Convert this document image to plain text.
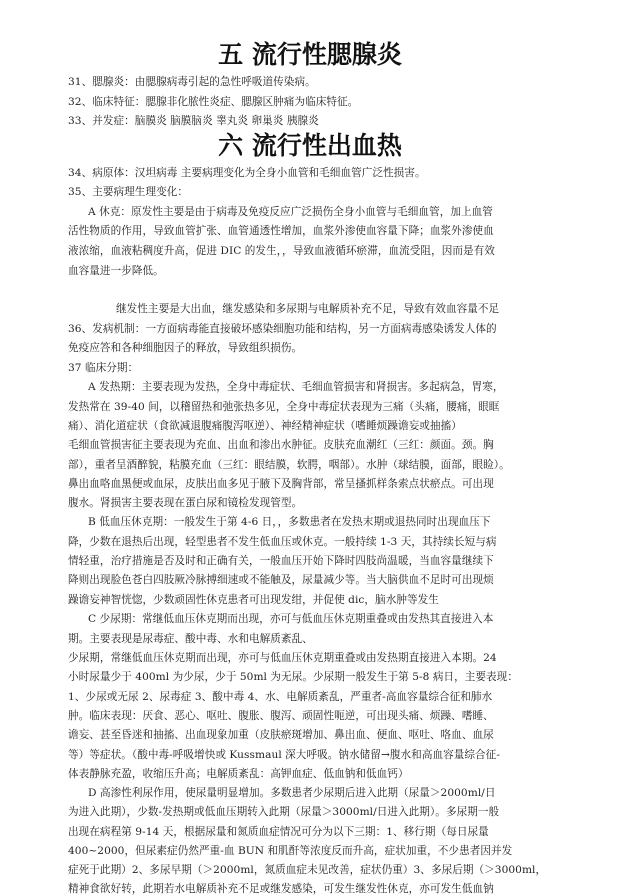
五 流行性腮腺炎
31、腮腺炎：由腮腺病毒引起的急性呼吸道传染病。
32、临床特征：腮腺非化脓性炎症、腮腺区肿痛为临床特征。
33、并发症：脑膜炎 脑膜脑炎 睾丸炎 卵巢炎 胰腺炎
六 流行性出血热
34、病原体：汉坦病毒 主要病理变化为全身小血管和毛细血管广泛性损害。
35、主要病理生理变化：
A 休克：原发性主要是由于病毒及免疫反应广泛损伤全身小血管与毛细血管，加上血管
活性物质的作用，导致血管扩张、血管通透性增加，血浆外渗使血容量下降；血浆外渗使血
液浓缩，血液粘稠度升高，促进 DIC 的发生，，导致血液循环瘀滞，血流受阻，因而是有效
血容量进一步降低。
继发性主要是大出血，继发感染和多尿期与电解质补充不足，导致有效血容量不足
36、发病机制：一方面病毒能直接破坏感染细胞功能和结构，另一方面病毒感染诱发人体的
免疫应答和各种细胞因子的释放，导致组织损伤。
37 临床分期：
A 发热期：主要表现为发热，全身中毒症状、毛细血管损害和肾损害。多起病急，胃寒，
发热常在 39-40 间，以稽留热和弛张热多见，全身中毒症状表现为三痛（头痛，腰痛，眼眶
痛）、消化道症状（食欲减退腹痛腹泻呕逆）、神经精神症状（嗜睡烦躁谵妄或抽搐）
毛细血管损害征主要表现为充血、出血和渗出水肿征。皮肤充血潮红（三红：颜面。颈。胸
部），重者呈酒醉貌，粘膜充血（三红：眼结膜，软腭，咽部）。水肿（球结膜，面部，眼睑）。
鼻出血咯血黑便或血尿，皮肤出血多见于腋下及胸背部，常呈搔抓样条索点状瘀点。可出现
腹水。肾损害主要表现在蛋白尿和镜检发现管型。
B 低血压休克期：一般发生于第 4-6 日，，多数患者在发热末期或退热同时出现血压下
降，少数在退热后出现，轻型患者不发生低血压或休克。一般持续 1-3 天，其持续长短与病
情轻重，治疗措施是否及时和正确有关，一般血压开始下降时四肢尚温暖，当血容量继续下
降则出现脸色苍白四肢厥冷脉搏细速或不能触及，尿量减少等。当大脑供血不足时可出现烦
躁谵妄神智恍惚，少数顽固性休克患者可出现发绀，并促使 dic，脑水肿等发生
C 少尿期：常继低血压休克期而出现，亦可与低血压休克期重叠或由发热其直接进入本
期。主要表现是尿毒症、酸中毒、水和电解质紊乱、
少尿期，常继低血压休克期而出现，亦可与低血压休克期重叠或由发热期直接进入本期。24
小时尿量少于 400ml 为少尿，少于 50ml 为无尿。少尿期一般发生于第 5-8 病日，主要表现：
1、少尿或无尿 2、尿毒症 3、酸中毒 4、水、电解质紊乱，严重者-高血容量综合征和肺水
肿。临床表现：厌食、恶心、呕吐、腹胀、腹泻、顽固性呃逆，可出现头痛、烦躁、嗜睡、
谵妄、甚至昏迷和抽搐、出血现象加重（皮肤瘀斑增加、鼻出血、便血、呕吐、咯血、血尿
等）等症状。（酸中毒-呼吸增快或 Kussmaul 深大呼吸。钠水储留→腹水和高血容量综合征-
体表静脉充盈，收缩压升高；电解质紊乱：高钾血症、低血钠和低血钙）
D 高渗性利尿作用，使尿量明显增加。多数患者少尿期后进入此期（尿量＞2000ml/日
为进入此期），少数-发热期或低血压期转入此期（尿量＞3000ml/日进入此期）。多尿期一般
出现在病程第 9-14 天，根据尿量和氮质血症情况可分为以下三期：1、移行期（每日尿量
400~2000，但尿素症仍然严重-血 BUN 和肌酐等浓度反而升高，症状加重，不少患者因并发
症死于此期）2、多尿早期（＞2000ml，氮质血症未见改善，症状仍重）3、多尿后期（＞3000ml，
精神食欲好转，此期若水电解质补充不足或继发感染，可发生继发性休克，亦可发生低血钠
